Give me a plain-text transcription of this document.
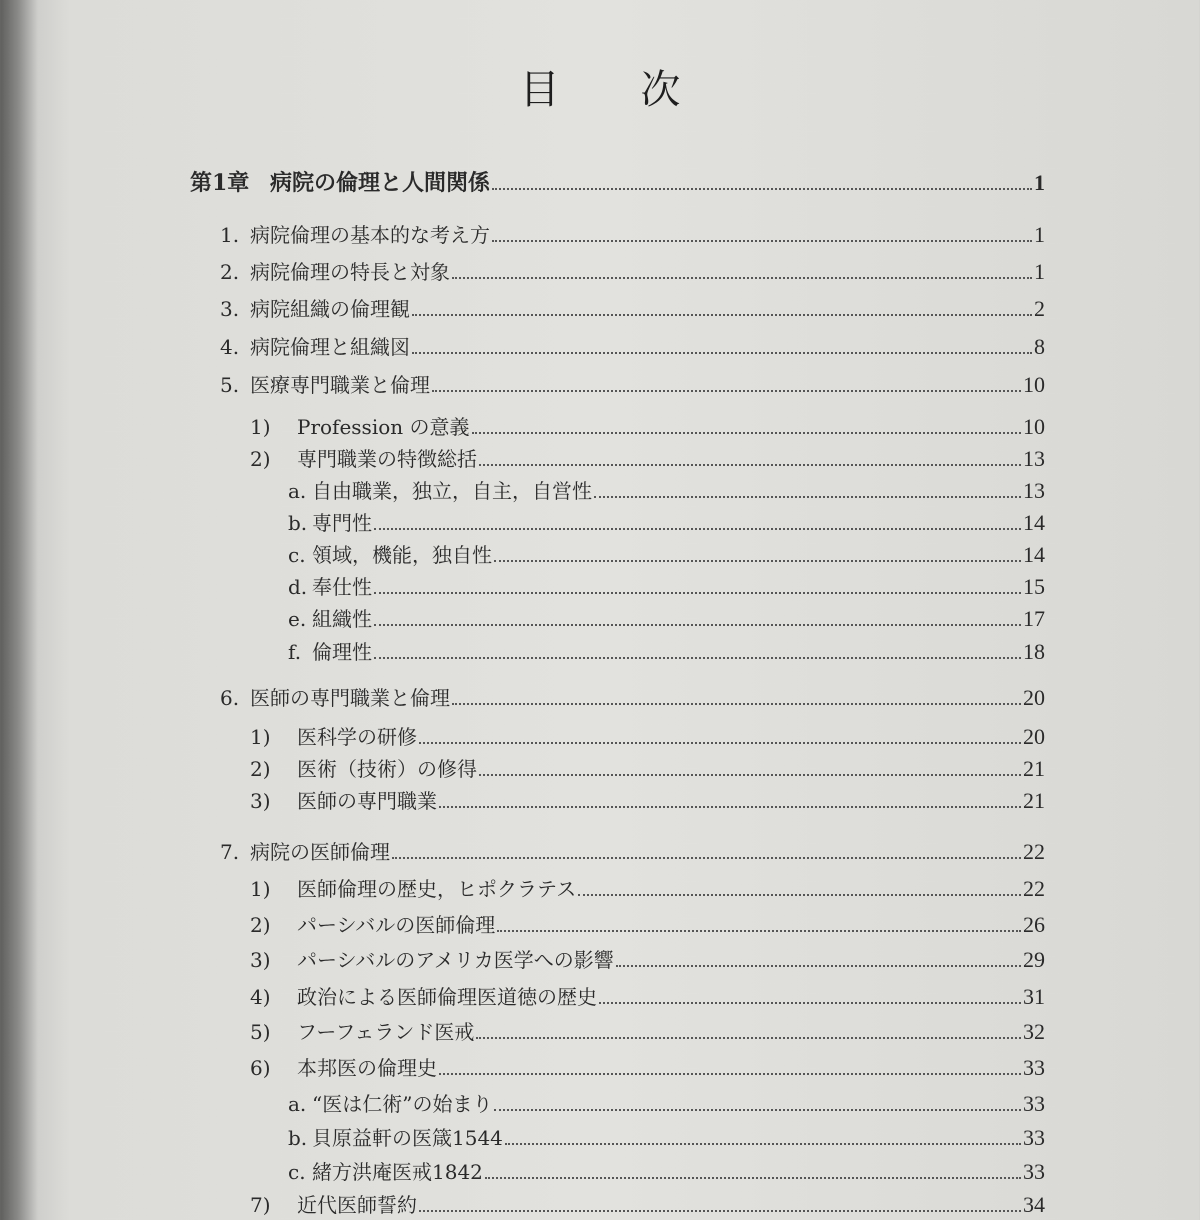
目 次
第1章 病院の倫理と人間関係	1
1. 病院倫理の基本的な考え方	1
2. 病院倫理の特長と対象	1
3. 病院組織の倫理観	2
4. 病院倫理と組織図	8
5. 医療専門職業と倫理	10
1)	Profession の意義	10
2)	専門職業の特徴総括	13
a. 自由職業，独立，自主，自営性	13
b. 専門性	14
c. 領域，機能，独自性	14
d. 奉仕性	15
e. 組織性	17
f. 倫理性	18
6. 医師の専門職業と倫理	20
1)	医科学の研修	20
2)	医術（技術）の修得	21
3)	医師の専門職業	21
7. 病院の医師倫理	22
1)	医師倫理の歴史，ヒポクラテス	22
2)	パーシバルの医師倫理	26
3)	パーシバルのアメリカ医学への影響	29
4)	政治による医師倫理医道徳の歴史	31
5)	フーフェランド医戒	32
6)	本邦医の倫理史	33
a. “医は仁術”の始まり	33
b. 貝原益軒の医箴1544	33
c. 緒方洪庵医戒1842	33
7)	近代医師誓約	34
